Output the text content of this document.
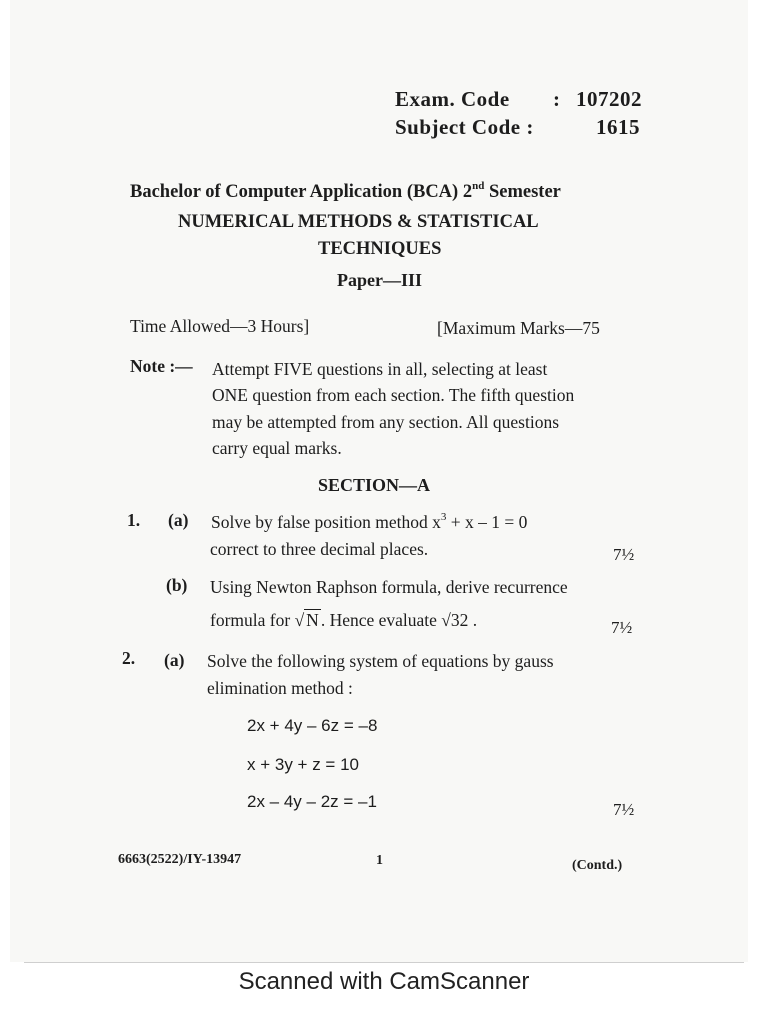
Exam. Code : 107202
Subject Code :	1615
Bachelor of Computer Application (BCA) 2nd Semester
NUMERICAL METHODS & STATISTICAL
TECHNIQUES
Paper—III
Time Allowed—3 Hours]	[Maximum Marks—75
Note :— Attempt FIVE questions in all, selecting at least
ONE question from each section. The fifth question
may be attempted from any section. All questions
carry equal marks.
SECTION—A
1. (a) Solve by false position method $x^3 + x - 1 = 0$
correct to three decimal places.	7½
(b) Using Newton Raphson formula, derive recurrence
formula for √ N . Hence evaluate √32 .	7½
2. (a) Solve the following system of equations by gauss
elimination method :
2x + 4y – 6z = –8
x + 3y + z = 10
2x – 4y – 2z = –1	7½
6663(2522)/IY-13947	1	(Contd.)
Scanned with CamScanner
